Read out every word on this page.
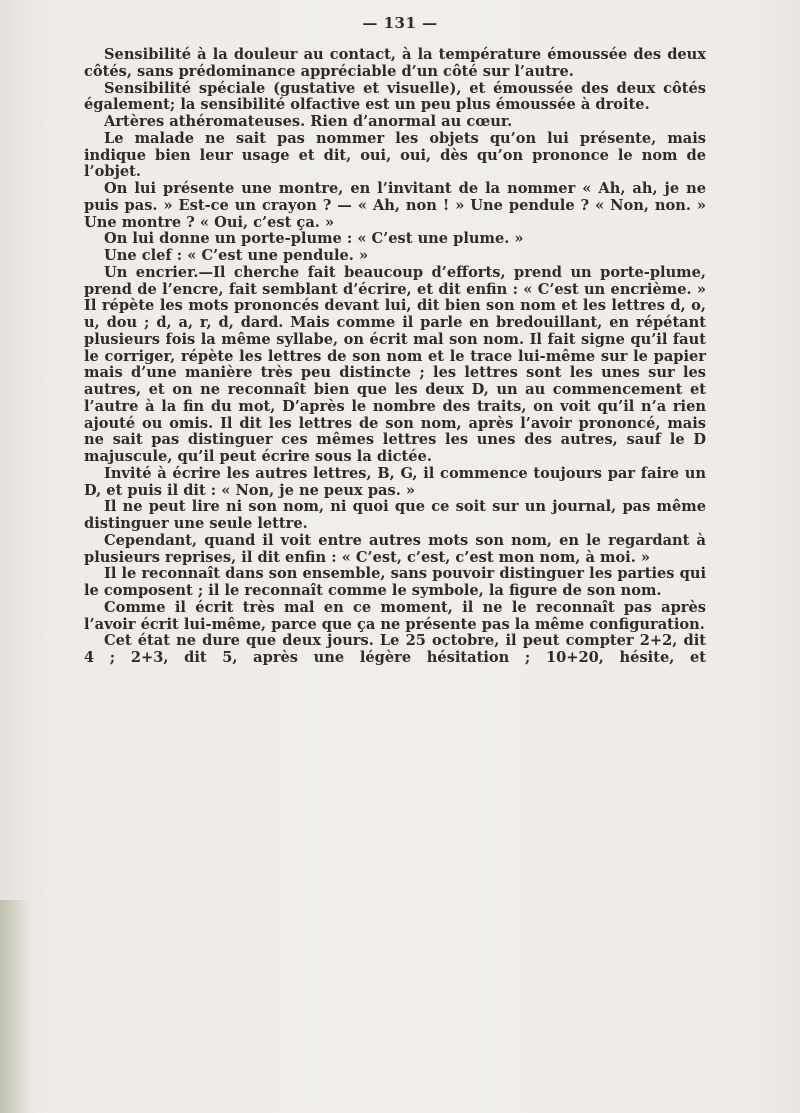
— 131 —

Sensibilité à la douleur au contact, à la température émoussée des deux côtés, sans prédominance appréciable d’un côté sur l’autre.

Sensibilité spéciale (gustative et visuelle), et émoussée des deux côtés également; la sensibilité olfactive est un peu plus émoussée à droite.

Artères athéromateuses. Rien d’anormal au cœur.

Le malade ne sait pas nommer les objets qu’on lui présente, mais indique bien leur usage et dit, oui, oui, dès qu’on prononce le nom de l’objet.

On lui présente une montre, en l’invitant de la nommer « Ah, ah, je ne puis pas. » Est-ce un crayon ? — « Ah, non ! » Une pendule ? « Non, non. » Une montre ? « Oui, c’est ça. »

On lui donne un porte-plume : « C’est une plume. »

Une clef : « C’est une pendule. »

Un encrier.—Il cherche fait beaucoup d’efforts, prend un porte-plume, prend de l’encre, fait semblant d’écrire, et dit enfin : « C’est un encrième. » Il répète les mots prononcés devant lui, dit bien son nom et les lettres d, o, u, dou ; d, a, r, d, dard. Mais comme il parle en bredouillant, en répétant plusieurs fois la même syllabe, on écrit mal son nom. Il fait signe qu’il faut le corriger, répète les lettres de son nom et le trace lui-même sur le papier mais d’une manière très peu distincte ; les lettres sont les unes sur les autres, et on ne reconnaît bien que les deux D, un au commencement et l’autre à la fin du mot, D’après le nombre des traits, on voit qu’il n’a rien ajouté ou omis. Il dit les lettres de son nom, après l’avoir prononcé, mais ne sait pas distinguer ces mêmes lettres les unes des autres, sauf le D majuscule, qu’il peut écrire sous la dictée.

Invité à écrire les autres lettres, B, G, il commence toujours par faire un D, et puis il dit : « Non, je ne peux pas. »

Il ne peut lire ni son nom, ni quoi que ce soit sur un journal, pas même distinguer une seule lettre.

Cependant, quand il voit entre autres mots son nom, en le regardant à plusieurs reprises, il dit enfin : « C’est, c’est, c’est mon nom, à moi. »

Il le reconnaît dans son ensemble, sans pouvoir distinguer les parties qui le composent ; il le reconnaît comme le symbole, la figure de son nom.

Comme il écrit très mal en ce moment, il ne le reconnaît pas après l’avoir écrit lui-même, parce que ça ne présente pas la même configuration.

Cet état ne dure que deux jours. Le 25 octobre, il peut compter 2+2, dit 4 ; 2+3, dit 5, après une légère hésitation ; 10+20, hésite, et
